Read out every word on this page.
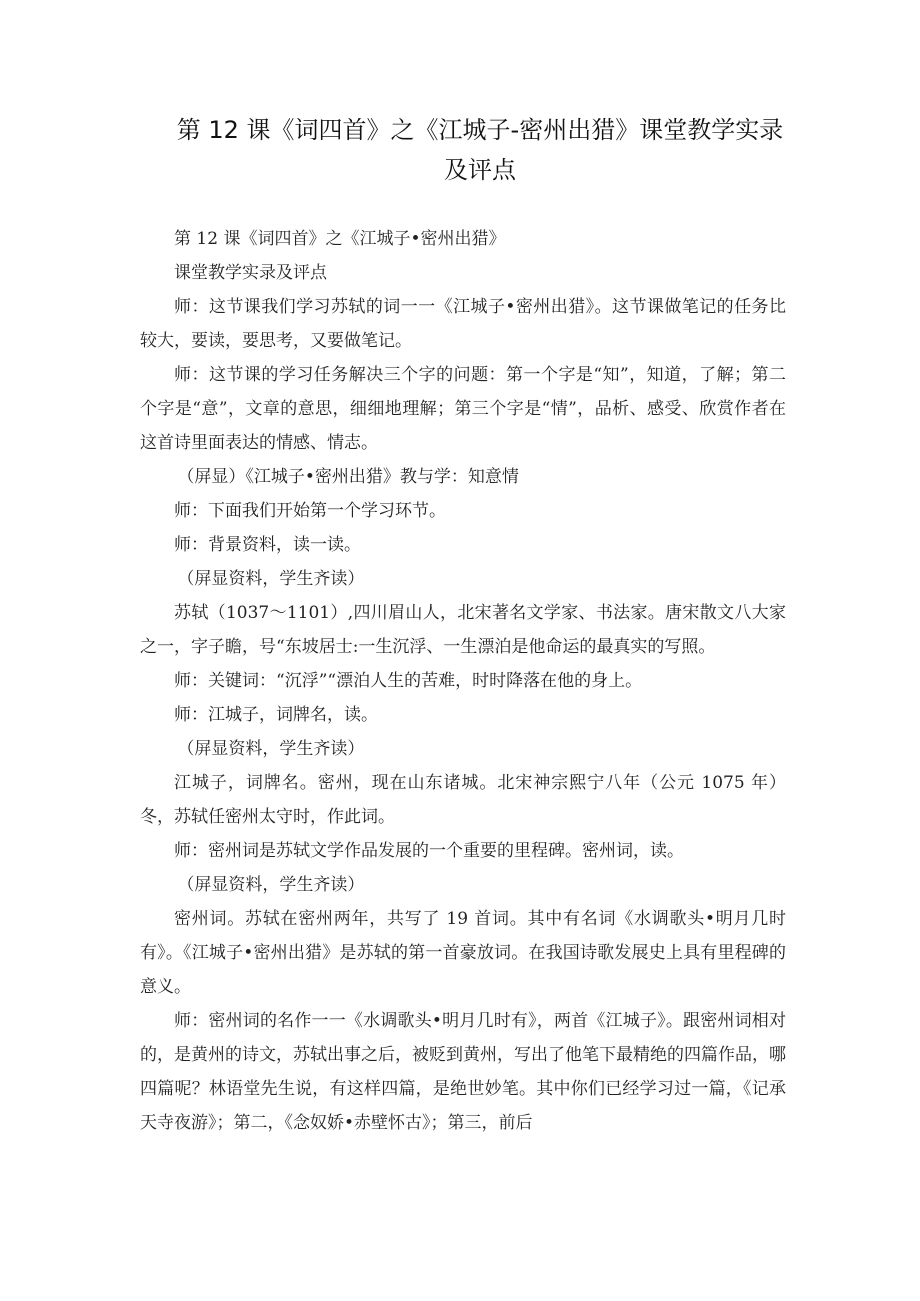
第 12 课《词四首》之《江城子-密州出猎》课堂教学实录及评点

第 12 课《词四首》之《江城子•密州出猎》

课堂教学实录及评点

师：这节课我们学习苏轼的词一一《江城子•密州出猎》。这节课做笔记的任务比较大，要读，要思考，又要做笔记。

师：这节课的学习任务解决三个字的问题：第一个字是“知”，知道，了解；第二个字是“意”，文章的意思，细细地理解；第三个字是“情”，品析、感受、欣赏作者在这首诗里面表达的情感、情志。

（屏显）《江城子•密州出猎》教与学：知意情

师：下面我们开始第一个学习环节。

师：背景资料，读一读。

（屏显资料，学生齐读）

苏轼（1037～1101）,四川眉山人，北宋著名文学家、书法家。唐宋散文八大家之一，字子瞻，号“东坡居士:一生沉浮、一生漂泊是他命运的最真实的写照。

师：关键词：“沉浮”“漂泊人生的苦难，时时降落在他的身上。

师：江城子，词牌名，读。

（屏显资料，学生齐读）

江城子，词牌名。密州，现在山东诸城。北宋神宗熙宁八年（公元 1075 年）冬，苏轼任密州太守时，作此词。

师：密州词是苏轼文学作品发展的一个重要的里程碑。密州词，读。

（屏显资料，学生齐读）

密州词。苏轼在密州两年，共写了 19 首词。其中有名词《水调歌头•明月几时有》。《江城子•密州出猎》是苏轼的第一首豪放词。在我国诗歌发展史上具有里程碑的意义。

师：密州词的名作一一《水调歌头•明月几时有》，两首《江城子》。跟密州词相对的，是黄州的诗文，苏轼出事之后，被贬到黄州，写出了他笔下最精绝的四篇作品，哪四篇呢？林语堂先生说，有这样四篇，是绝世妙笔。其中你们已经学习过一篇，《记承天寺夜游》；第二，《念奴娇•赤壁怀古》；第三，前后
